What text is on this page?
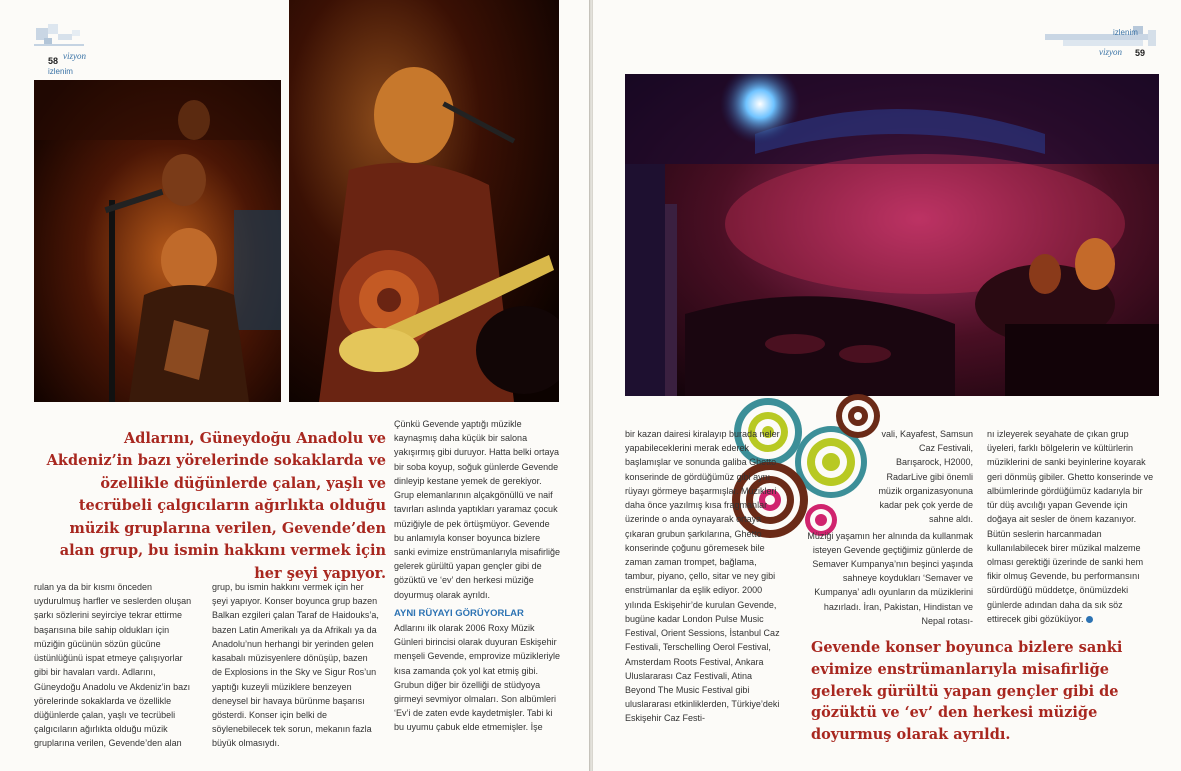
58 vizyon
izlenim
Adlarını, Güneydoğu Anadolu ve Akdeniz’in bazı yörelerinde sokaklarda ve özellikle düğünlerde çalan, yaşlı ve tecrübeli çalgıcıların ağırlıkta olduğu müzik gruplarına verilen, Gevende’den alan grup, bu ismin hakkını vermek için her şeyi yapıyor.

rulan ya da bir kısmı önceden uydurulmuş harfler ve seslerden oluşan şarkı sözlerini seyirciye tekrar ettirme başarısına bile sahip oldukları için müziğin gücünün sözün gücüne üstünlüğünü ispat etmeye çalışıyorlar gibi bir havaları vardı. Adlarını, Güneydoğu Anadolu ve Akdeniz’in bazı yörelerinde sokaklarda ve özellikle düğünlerde çalan, yaşlı ve tecrübeli çalgıcıların ağırlıkta olduğu müzik gruplarına verilen, Gevende’den alan

grup, bu ismin hakkını vermek için her şeyi yapıyor. Konser boyunca grup bazen Balkan ezgileri çalan Taraf de Haidouks’a, bazen Latin Amerikalı ya da Afrikalı ya da Anadolu’nun herhangi bir yerinden gelen kasabalı müzisyenlere dönüşüp, bazen de Explosions in the Sky ve Sigur Ros’un yaptığı kuzeyli müziklere benzeyen deneysel bir havaya bürünme başarısı gösterdi. Konser için belki de söylenebilecek tek sorun, mekanın fazla büyük olmasıydı.

Çünkü Gevende yaptığı müzikle kaynaşmış daha küçük bir salona yakışırmış gibi duruyor. Hatta belki ortaya bir soba koyup, soğuk günlerde Gevende dinleyip kestane yemek de gerekiyor. Grup elemanlarının alçakgönüllü ve naif tavırları aslında yaptıkları yaramaz çocuk müziğiyle de pek örtüşmüyor. Gevende bu anlamıyla konser boyunca bizlere sanki evimize enstrümanlarıyla misafirliğe gelerek gürültü yapan gençler gibi de gözüktü ve ‘ev’ den herkesi müziğe doyurmuş olarak ayrıldı.

AYNI RÜYAYI GÖRÜYORLAR

Adlarını ilk olarak 2006 Roxy Müzik Günleri birincisi olarak duyuran Eskişehir menşeli Gevende, emprovize müzikleriyle kısa zamanda çok yol kat etmiş gibi. Grubun diğer bir özelliği de stüdyoya girmeyi sevmiyor olmaları. Son albümleri ‘Ev’i de zaten evde kaydetmişler. Tabi ki bu uyumu çabuk elde etmemişler. İşe

izlenim
vizyon 59

bir kazan dairesi kiralayıp burada neler yapabileceklerini merak ederek başlamışlar ve sonunda galiba Ghetto konserinde de gördüğümüz gibi aynı rüyayı görmeye başarmışlar. Müzikleri daha önce yazılmış kısa fragmanlar üzerinde o anda oynayarak ortaya çıkaran grubun şarkılarına, Ghetto konserinde çoğunu göremesek bile zaman zaman trompet, bağlama, tambur, piyano, çello, sitar ve ney gibi enstrümanlar da eşlik ediyor. 2000 yılında Eskişehir’de kurulan Gevende, bugüne kadar London Pulse Music Festival, Orient Sessions, İstanbul Caz Festivali, Terschelling Oerol Festival, Amsterdam Roots Festival, Ankara Uluslararası Caz Festivali, Atina Beyond The Music Festival gibi uluslararası etkinliklerden, Türkiye’deki Eskişehir Caz Festi-

vali, Kayafest, Samsun Caz Festivali, Barışarock, H2000, RadarLive gibi önemli müzik organizasyonuna kadar pek çok yerde de sahne aldı.

Müziği yaşamın her alnında da kullanmak isteyen Gevende geçtiğimiz günlerde de Semaver Kumpanya’nın beşinci yaşında sahneye koydukları ‘Semaver ve Kumpanya’ adlı oyunların da müziklerini hazırladı. İran, Pakistan, Hindistan ve Nepal rotası-

nı izleyerek seyahate de çıkan grup üyeleri, farklı bölgelerin ve kültürlerin müziklerini de sanki beyinlerine koyarak geri dönmüş gibiler. Ghetto konserinde ve albümlerinde gördüğümüz kadarıyla bir tür düş avcılığı yapan Gevende için doğaya ait sesler de önem kazanıyor. Bütün seslerin harcanmadan kullanılabilecek birer müzikal malzeme olması gerektiği üzerinde de sanki hem fikir olmuş Gevende, bu performansını sürdürdüğü müddetçe, önümüzdeki günlerde adından daha da sık söz ettirecek gibi gözüküyor.

Gevende konser boyunca bizlere sanki evimize enstrümanlarıyla misafirliğe gelerek gürültü yapan gençler gibi de gözüktü ve ‘ev’ den herkesi müziğe doyurmuş olarak ayrıldı.
